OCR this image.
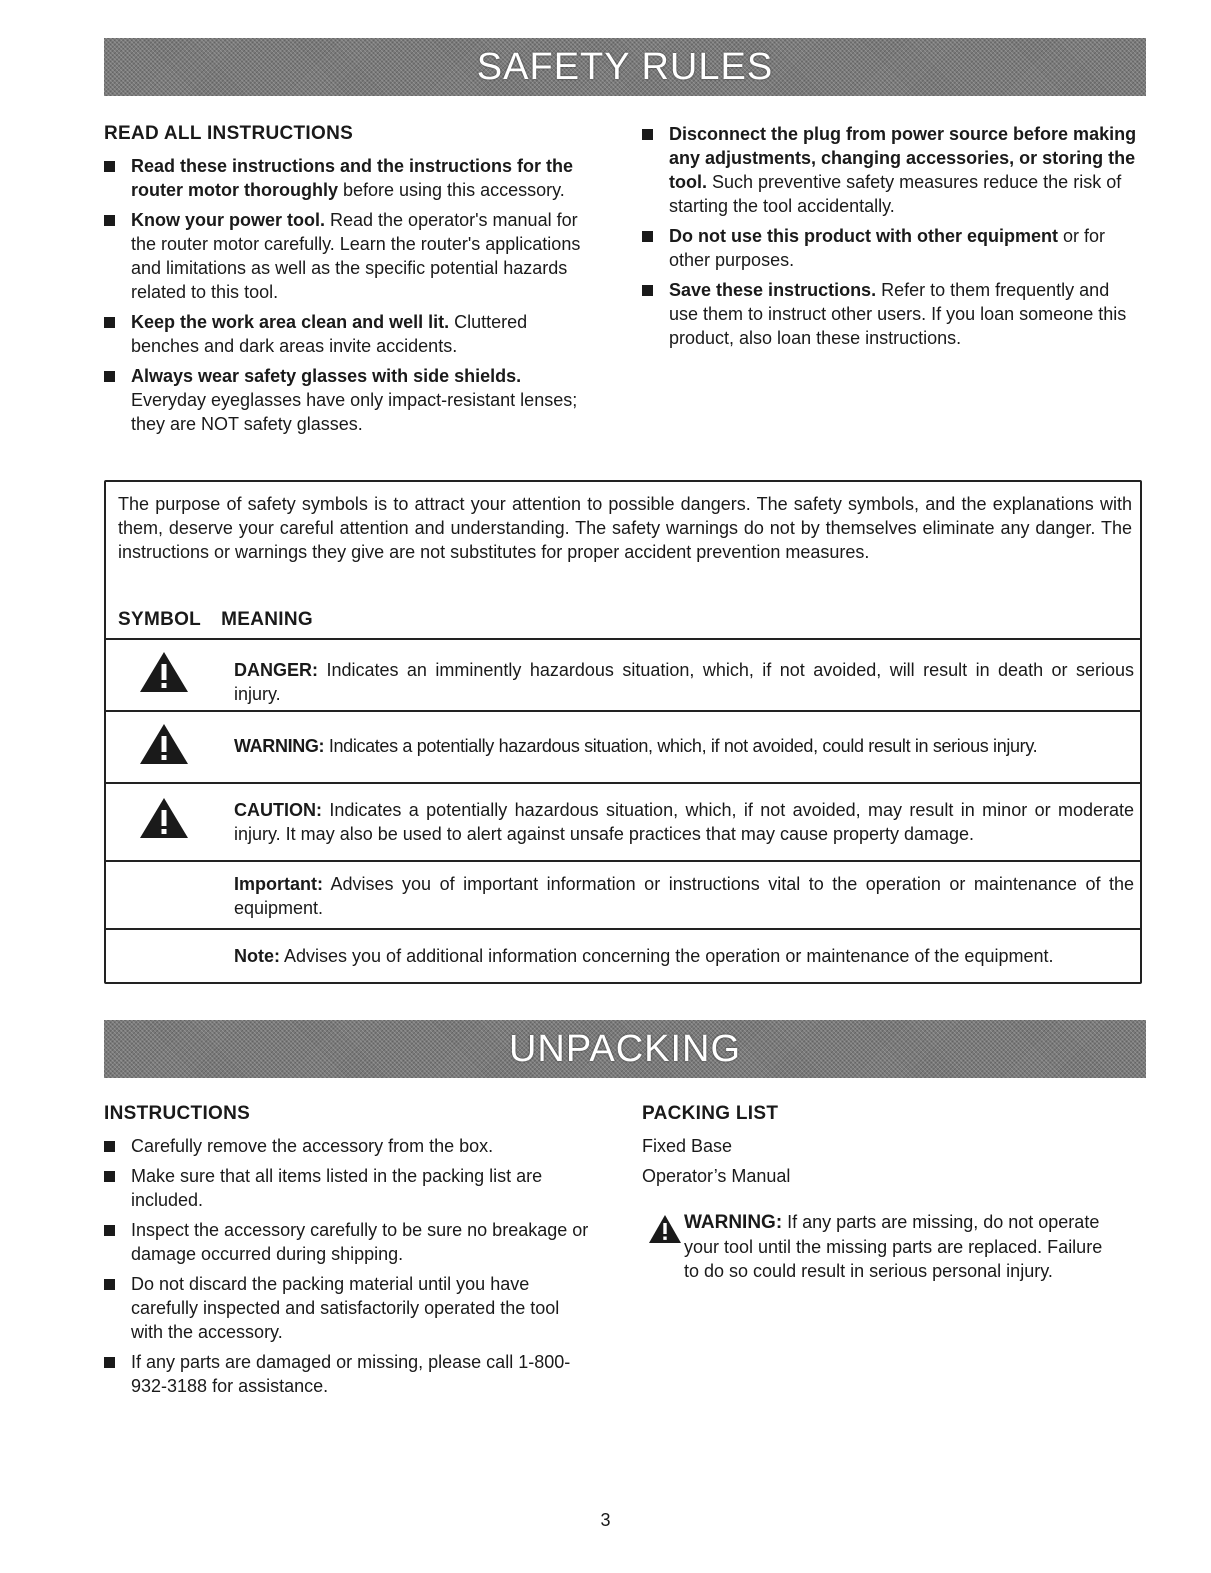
SAFETY RULES
READ ALL INSTRUCTIONS
Read these instructions and the instructions for the router motor thoroughly before using this accessory.
Know your power tool. Read the operator's manual for the router motor carefully. Learn the router's applications and limitations as well as the specific potential hazards related to this tool.
Keep the work area clean and well lit. Cluttered benches and dark areas invite accidents.
Always wear safety glasses with side shields. Everyday eyeglasses have only impact-resistant lenses; they are NOT safety glasses.
Disconnect the plug from power source before making any adjustments, changing accessories, or storing the tool. Such preventive safety measures reduce the risk of starting the tool accidentally.
Do not use this product with other equipment or for other purposes.
Save these instructions. Refer to them frequently and use them to instruct other users. If you loan someone this product, also loan these instructions.
The purpose of safety symbols is to attract your attention to possible dangers. The safety symbols, and the explanations with them, deserve your careful attention and understanding. The safety warnings do not by themselves eliminate any danger. The instructions or warnings they give are not substitutes for proper accident prevention measures.
SYMBOL MEANING
DANGER: Indicates an imminently hazardous situation, which, if not avoided, will result in death or serious injury.
WARNING: Indicates a potentially hazardous situation, which, if not avoided, could result in serious injury.
CAUTION: Indicates a potentially hazardous situation, which, if not avoided, may result in minor or moderate injury. It may also be used to alert against unsafe practices that may cause property damage.
Important: Advises you of important information or instructions vital to the operation or maintenance of the equipment.
Note: Advises you of additional information concerning the operation or maintenance of the equipment.
UNPACKING
INSTRUCTIONS
Carefully remove the accessory from the box.
Make sure that all items listed in the packing list are included.
Inspect the accessory carefully to be sure no breakage or damage occurred during shipping.
Do not discard the packing material until you have carefully inspected and satisfactorily operated the tool with the accessory.
If any parts are damaged or missing, please call 1-800-932-3188 for assistance.
PACKING LIST
Fixed Base
Operator’s Manual
WARNING: If any parts are missing, do not operate your tool until the missing parts are replaced. Failure to do so could result in serious personal injury.
3
